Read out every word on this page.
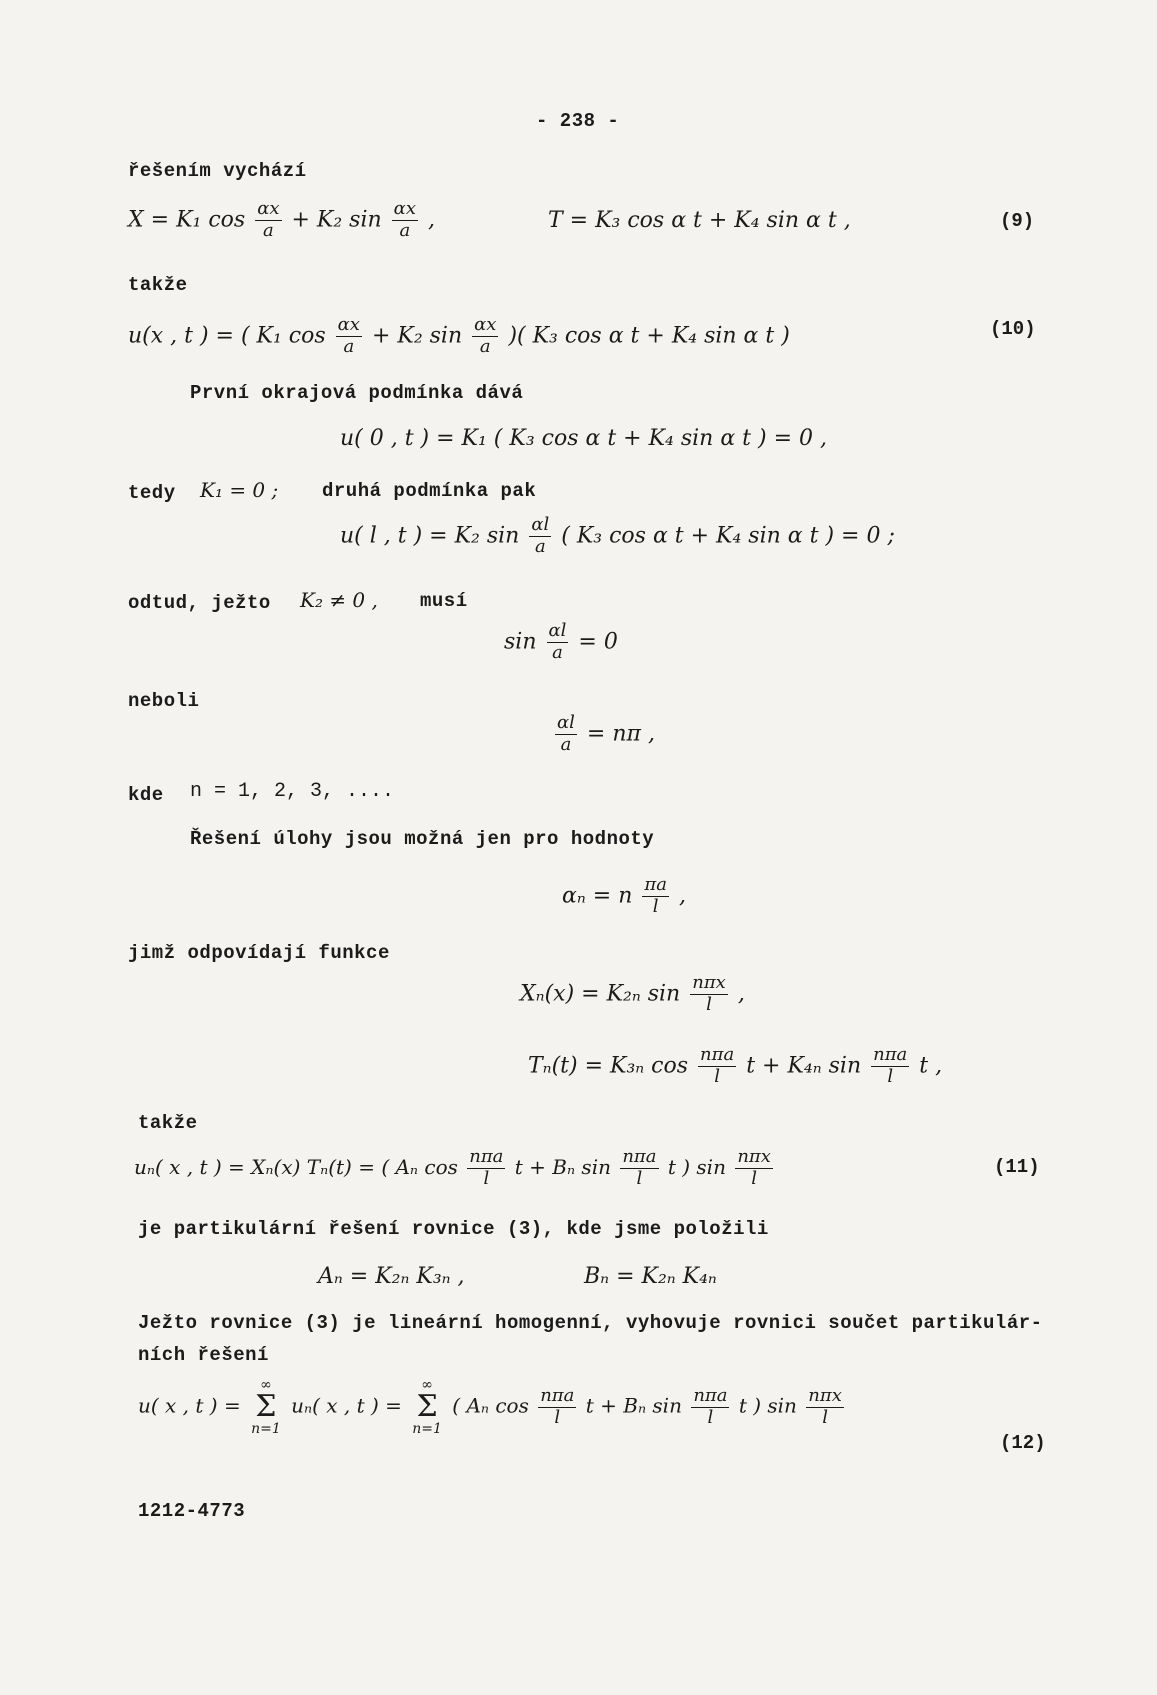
- 238 -
řešením vychází
X = K₁ $\cos \frac{\alpha x}{a} + K_2$ $\sin \frac{\alpha x}{a}$ ,	T = K₃ cos α t + K₄ sin α t ,	(9)
takže
u(x , t ) = ( K₁ $\cos \frac{\alpha x}{a} + K_2$ $\sin \frac{\alpha x}{a}$ )( K₃ cos α t + K₄ sin α t )	(10)
První okrajová podmínka dává
u( 0 , t ) = K₁ ( K₃ cos α t + K₄ sin α t ) = 0 ,
tedy K₁ = 0 ; druhá podmínka pak
u( l , t ) = K₂ $\sin \frac{\alpha l}{a}$ ( K₃ cos α t + K₄ sin α t ) = 0 ;
odtud, ježto K₂ ≠ 0 , musí
$\sin \frac{\alpha l}{a} = 0$
neboli
$\frac{\alpha l}{a} = n\pi$ ,
kde n = 1, 2, 3, ....
Řešení úlohy jsou možná jen pro hodnoty
αₙ = n $\frac{\pi a}{l}$ ,
jimž odpovídají funkce
Xₙ(x) = K₂ₙ $\sin \frac{\text{nπx}}{l}$ ,
Tₙ(t) = K₃ₙ $\cos \frac{\text{nπa}}{l}$ t + K₄ₙ $\sin \frac{\text{nπa}}{l}$ t ,
takže
uₙ( x , t ) = Xₙ(x) Tₙ(t) = ( Aₙ $\cos \frac{\text{nπa}}{l}$ t + Bₙ $\sin \frac{\text{nπa}}{l}$ t ) $\sin \frac{\text{nπx}}{l}$	(11)
je partikulární řešení rovnice (3), kde jsme položili
Aₙ = K₂ₙ K₃ₙ ,	Bₙ = K₂ₙ K₄ₙ
Ježto rovnice (3) je lineární homogenní, vyhovuje rovnici součet partikulár-
ních řešení
u( x , t ) = ∞
Σ
n=1 uₙ( x , t ) = ∞
Σ
n=1 ( Aₙ $\cos \frac{\text{nπa}}{l}$ t + Bₙ $\sin \frac{\text{nπa}}{l}$ t ) $\sin \frac{\text{nπx}}{l}$
(12)
1212-4773
